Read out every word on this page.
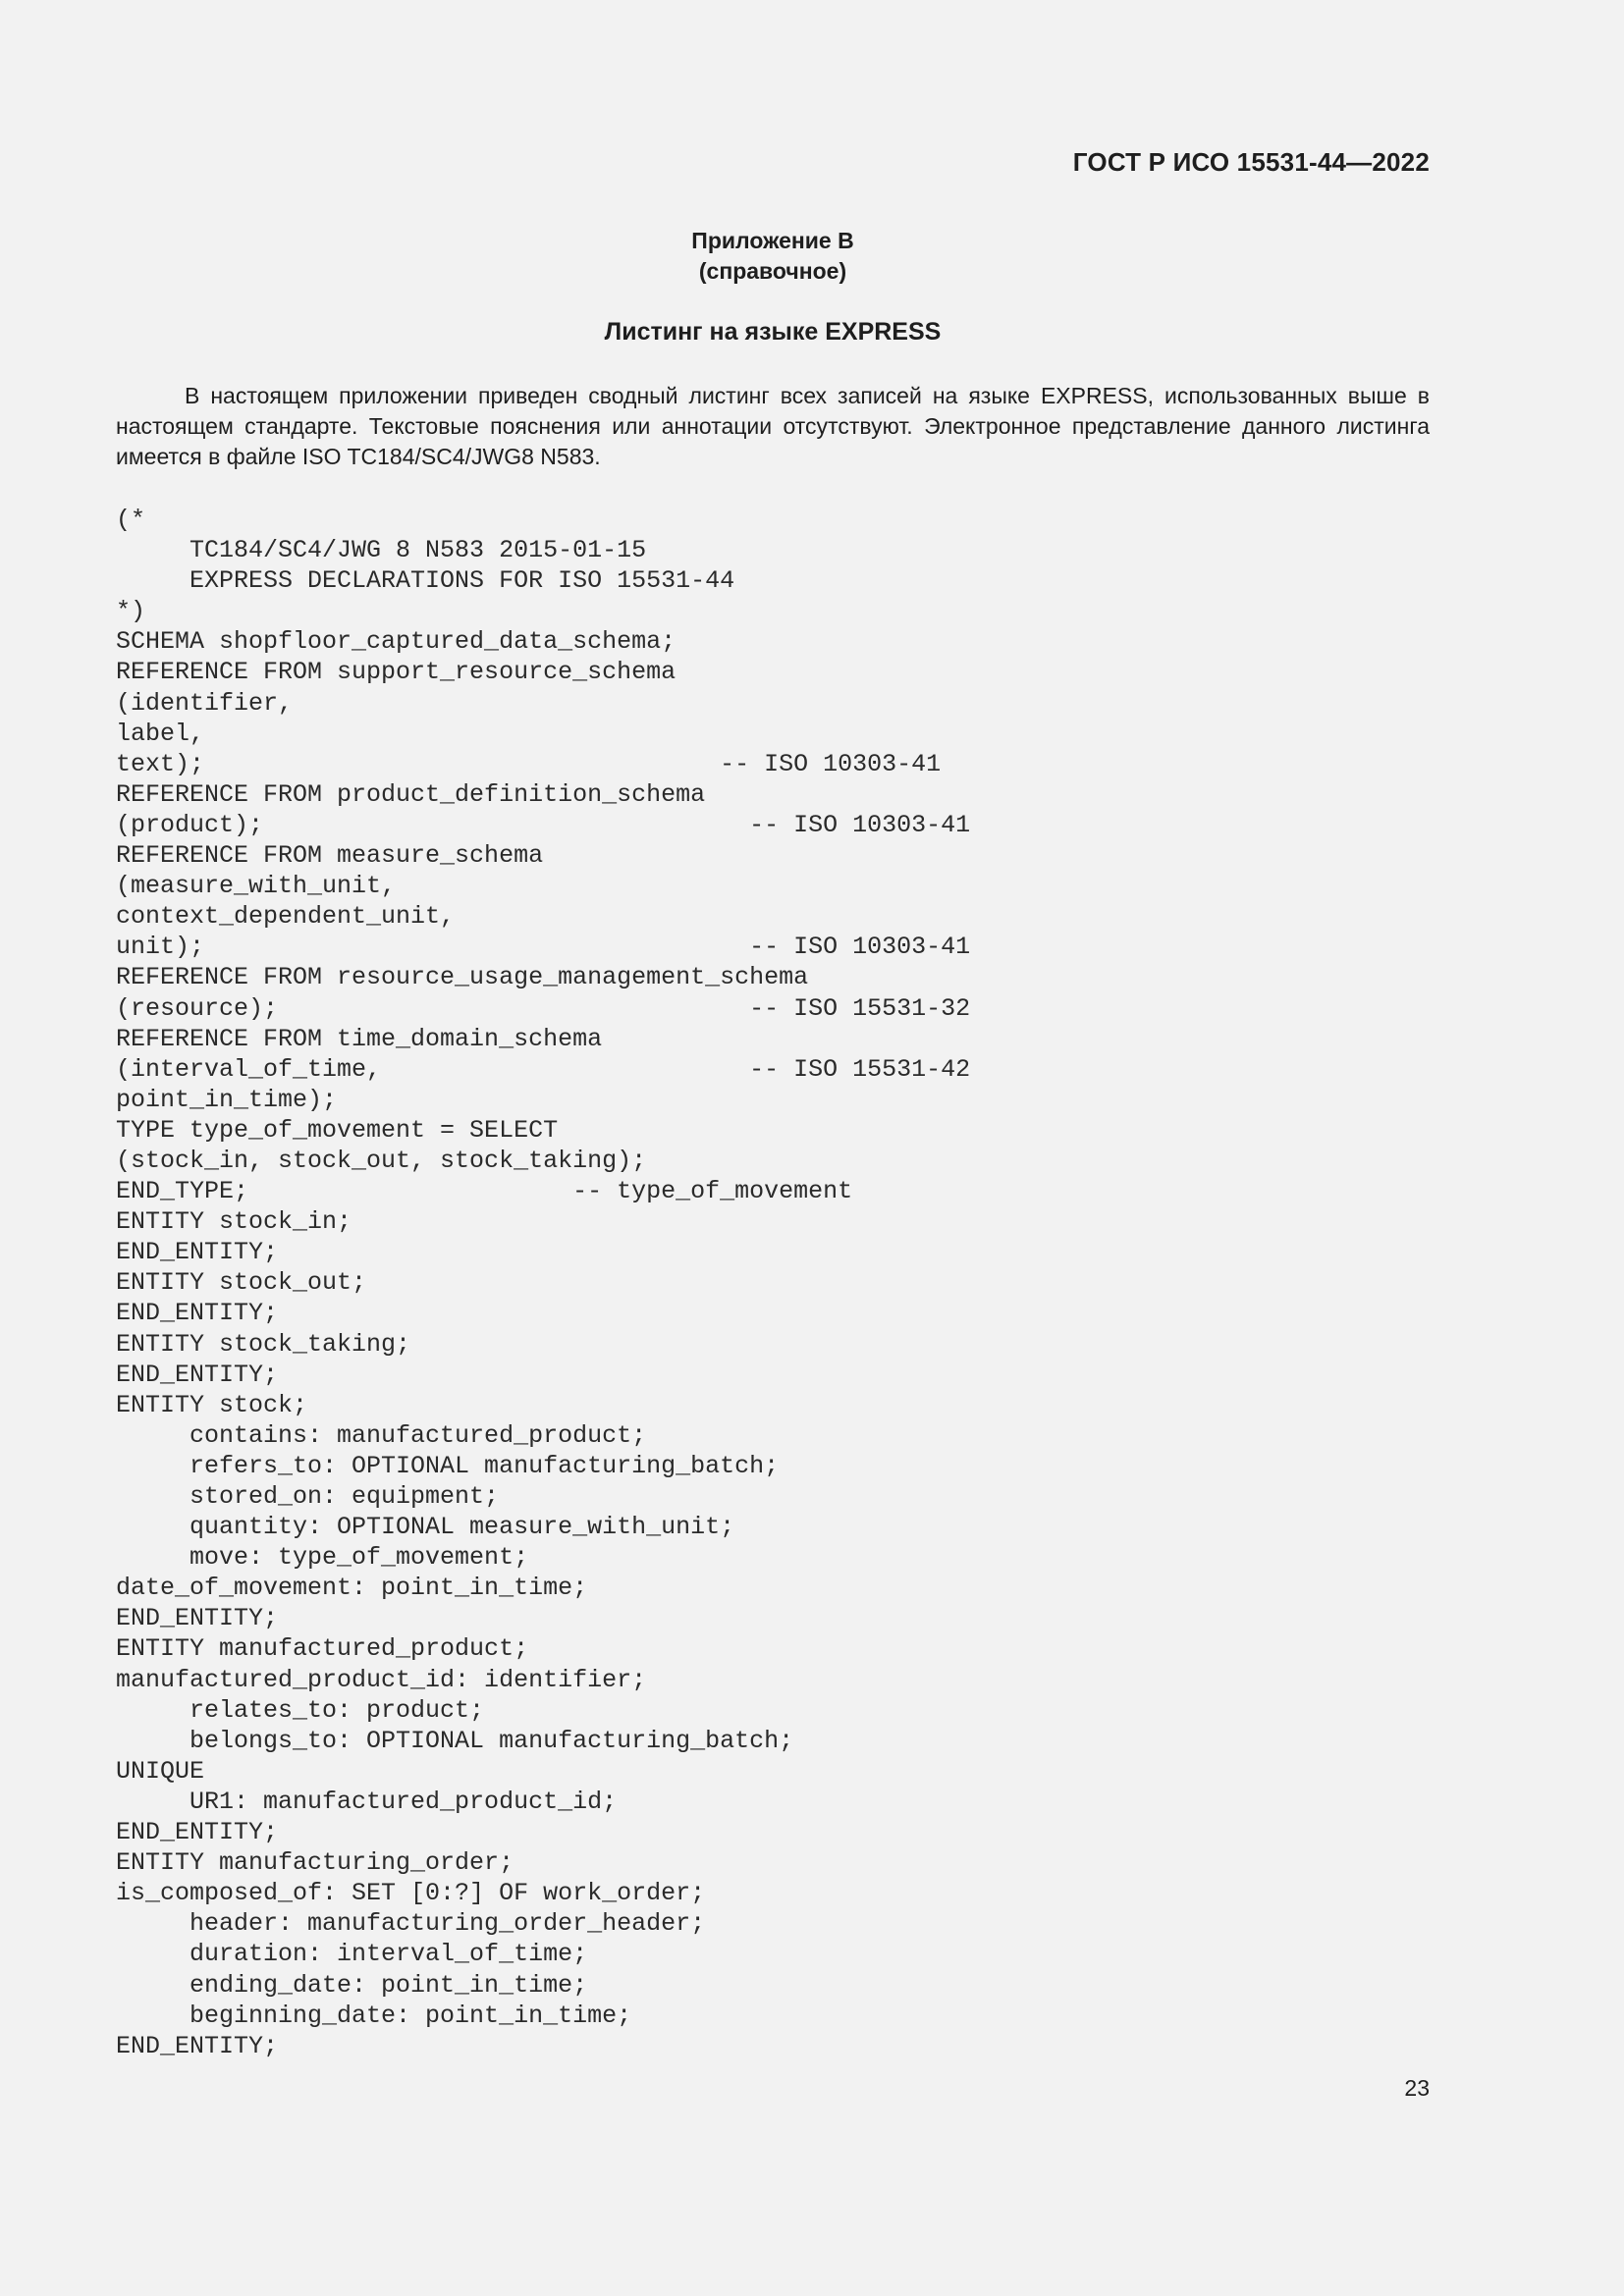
ГОСТ Р ИСО 15531-44—2022

Приложение В
(справочное)

Листинг на языке EXPRESS

В настоящем приложении приведен сводный листинг всех записей на языке EXPRESS, использованных выше в настоящем стандарте. Текстовые пояснения или аннотации отсутствуют. Электронное представление данного листинга имеется в файле ISO TC184/SC4/JWG8 N583.

(*
TC184/SC4/JWG 8 N583 2015-01-15
EXPRESS DECLARATIONS FOR ISO 15531-44
*)
SCHEMA shopfloor_captured_data_schema;
REFERENCE FROM support_resource_schema
(identifier,
label,
text);                                   -- ISO 10303-41
REFERENCE FROM product_definition_schema
(product);                                 -- ISO 10303-41
REFERENCE FROM measure_schema
(measure_with_unit,
context_dependent_unit,
unit);                                     -- ISO 10303-41
REFERENCE FROM resource_usage_management_schema
(resource);                                -- ISO 15531-32
REFERENCE FROM time_domain_schema
(interval_of_time,                         -- ISO 15531-42
point_in_time);
TYPE type_of_movement = SELECT
(stock_in, stock_out, stock_taking);
END_TYPE;                      -- type_of_movement
ENTITY stock_in;
END_ENTITY;
ENTITY stock_out;
END_ENTITY;
ENTITY stock_taking;
END_ENTITY;
ENTITY stock;
contains: manufactured_product;
refers_to: OPTIONAL manufacturing_batch;
stored_on: equipment;
quantity: OPTIONAL measure_with_unit;
move: type_of_movement;
date_of_movement: point_in_time;
END_ENTITY;
ENTITY manufactured_product;
manufactured_product_id: identifier;
relates_to: product;
belongs_to: OPTIONAL manufacturing_batch;
UNIQUE
UR1: manufactured_product_id;
END_ENTITY;
ENTITY manufacturing_order;
is_composed_of: SET [0:?] OF work_order;
header: manufacturing_order_header;
duration: interval_of_time;
ending_date: point_in_time;
beginning_date: point_in_time;
END_ENTITY;

23
